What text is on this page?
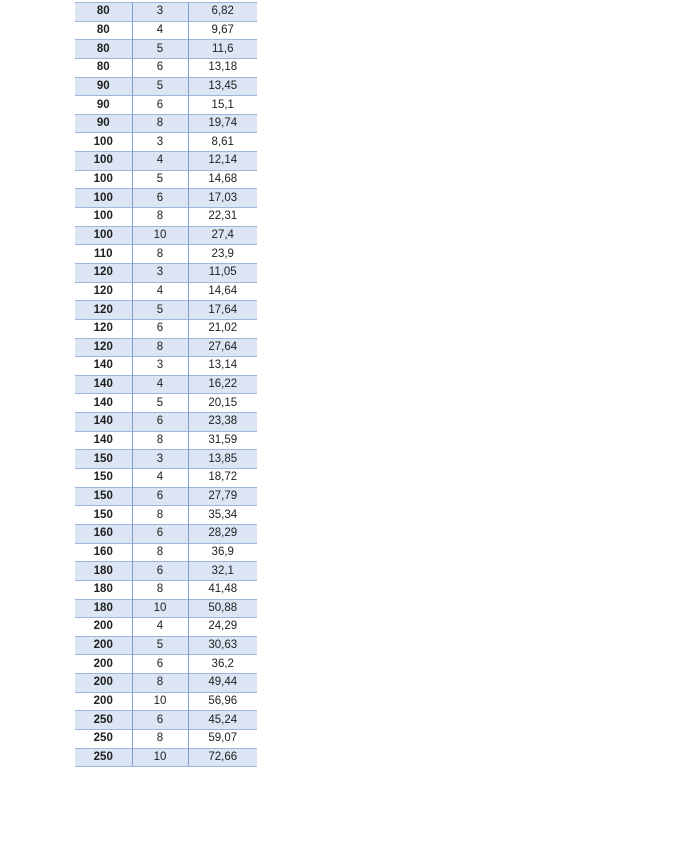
80	3	6,82
80	4	9,67
80	5	11,6
80	6	13,18
90	5	13,45
90	6	15,1
90	8	19,74
100	3	8,61
100	4	12,14
100	5	14,68
100	6	17,03
100	8	22,31
100	10	27,4
110	8	23,9
120	3	11,05
120	4	14,64
120	5	17,64
120	6	21,02
120	8	27,64
140	3	13,14
140	4	16,22
140	5	20,15
140	6	23,38
140	8	31,59
150	3	13,85
150	4	18,72
150	6	27,79
150	8	35,34
160	6	28,29
160	8	36,9
180	6	32,1
180	8	41,48
180	10	50,88
200	4	24,29
200	5	30,63
200	6	36,2
200	8	49,44
200	10	56,96
250	6	45,24
250	8	59,07
250	10	72,66
